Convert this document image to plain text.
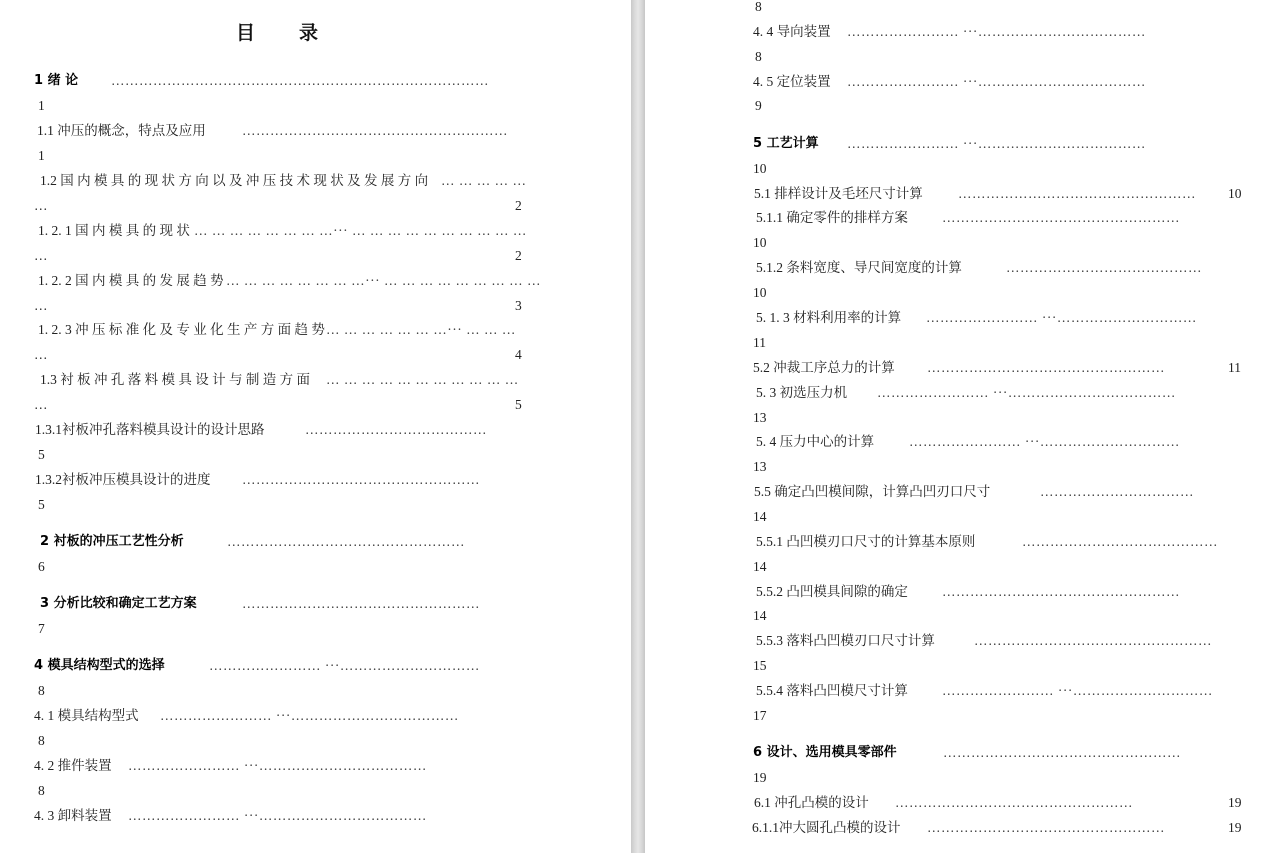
目 录
1 绪 论 ………………………………………………………………………
1
1.1 冲压的概念，特点及应用	…………………………………………………
1
1.2 国 内 模 具 的 现 状 方 向 以 及 冲 压 技 术 现 状 及 发 展 方 向 … … … … …
…	2
1. 2. 1 国 内 模 具 的 现 状 … … … … … … … …··· … … … … … … … … … …
…	2
1. 2. 2 国 内 模 具 的 发 展 趋 势 … … … … … … … …··· … … … … … … … … …
…	3
1. 2. 3 冲 压 标 准 化 及 专 业 化 生 产 方 面 趋 势 … … … … … … …··· … … …
…	4
1.3 衬 板 冲 孔 落 料 模 具 设 计 与 制 造 方 面 … … … … … … … … … … …
…	5
1.3.1衬板冲孔落料模具设计的设计思路	…………………………………
5
1.3.2衬板冲压模具设计的进度 ……………………………………………
5
2 衬板的冲压工艺性分析	……………………………………………
6
3 分析比较和确定工艺方案	……………………………………………
7
4 模具结构型式的选择	…………………… ···…………………………
8
4. 1 模具结构型式 …………………… ···………………………………
8
4. 2 推件装置 …………………… ···………………………………
8
4. 3 卸料装置 …………………… ···………………………………
8
4. 4 导向装置 …………………… ···………………………………
8
4. 5 定位装置 …………………… ···………………………………
9
5 工艺计算 …………………… ···………………………………
10
5.1 排样设计及毛坯尺寸计算	…………………………………………… 10
5.1.1 确定零件的排样方案	……………………………………………
10
5.1.2 条料宽度、导尺间宽度的计算	……………………………………
10
5. 1. 3 材料利用率的计算 …………………… ···…………………………
11
5.2 冲裁工序总力的计算 ……………………………………………	11
5. 3 初选压力机 …………………… ···………………………………
13
5. 4 压力中心的计算	…………………… ···…………………………
13
5.5 确定凸凹模间隙，计算凸凹刃口尺寸	……………………………
14
5.5.1 凸凹模刃口尺寸的计算基本原则	……………………………………
14
5.5.2 凸凹模具间隙的确定	……………………………………………
14
5.5.3 落料凸凹模刃口尺寸计算	……………………………………………
15
5.5.4 落料凸凹模尺寸计算	…………………… ···…………………………
17
6 设计、选用模具零部件	……………………………………………
19
6.1 冲孔凸模的设计 ……………………………………………	19
6.1.1冲大圆孔凸模的设计 ……………………………………………	19
